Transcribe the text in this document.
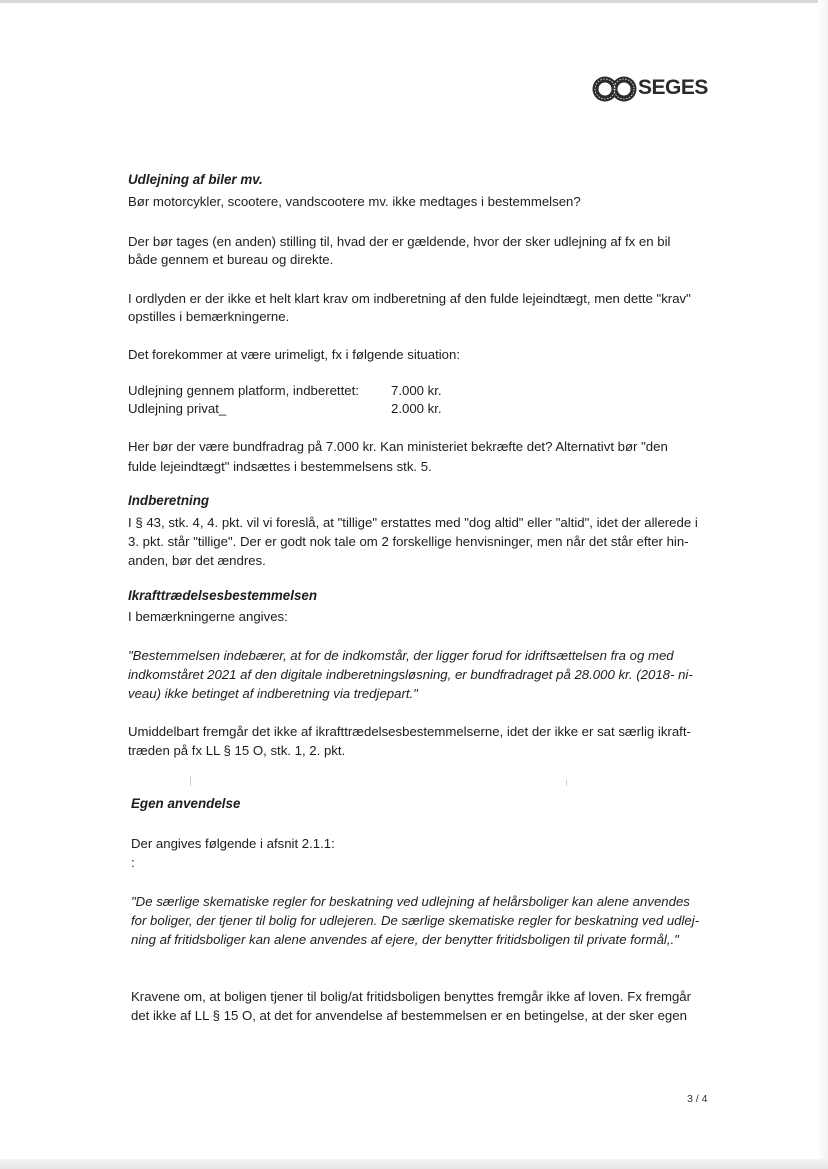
SEGES

Udlejning af biler mv.

Bør motorcykler, scootere, vandscootere mv. ikke medtages i bestemmelsen?

Der bør tages (en anden) stilling til, hvad der er gældende, hvor der sker udlejning af fx en bil

både gennem et bureau og direkte.

I ordlyden er der ikke et helt klart krav om indberetning af den fulde lejeindtægt, men dette "krav"

opstilles i bemærkningerne.

Det forekommer at være urimeligt, fx i følgende situation:

Udlejning gennem platform, indberettet: 7.000 kr.

Udlejning privat_	2.000 kr.

Her bør der være bundfradrag på 7.000 kr. Kan ministeriet bekræfte det? Alternativt bør "den

fulde lejeindtægt" indsættes i bestemmelsens stk. 5.

Indberetning

I § 43, stk. 4, 4. pkt. vil vi foreslå, at "tillige" erstattes med "dog altid" eller "altid", idet der allerede i

3. pkt. står "tillige". Der er godt nok tale om 2 forskellige henvisninger, men når det står efter hin-

anden, bør det ændres.

Ikrafttrædelsesbestemmelsen

I bemærkningerne angives:

"Bestemmelsen indebærer, at for de indkomstår, der ligger forud for idriftsættelsen fra og med

indkomståret 2021 af den digitale indberetningsløsning, er bundfradraget på 28.000 kr. (2018- ni-

veau) ikke betinget af indberetning via tredjepart."

Umiddelbart fremgår det ikke af ikrafttrædelsesbestemmelserne, idet der ikke er sat særlig ikraft-

træden på fx LL § 15 O, stk. 1, 2. pkt.

Egen anvendelse

Der angives følgende i afsnit 2.1.1:

:

"De særlige skematiske regler for beskatning ved udlejning af helårsboliger kan alene anvendes

for boliger, der tjener til bolig for udlejeren. De særlige skematiske regler for beskatning ved udlej-

ning af fritidsboliger kan alene anvendes af ejere, der benytter fritidsboligen til private formål,."

Kravene om, at boligen tjener til bolig/at fritidsboligen benyttes fremgår ikke af loven. Fx fremgår

det ikke af LL § 15 O, at det for anvendelse af bestemmelsen er en betingelse, at der sker egen

3 / 4
